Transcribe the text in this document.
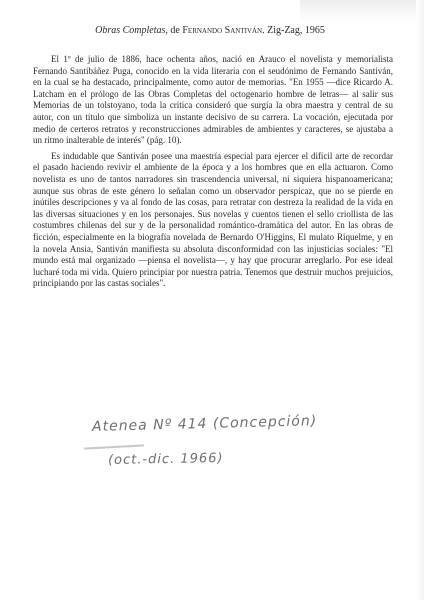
Obras Completas, de Fernando Santiván. Zig-Zag, 1965

El 1º de julio de 1886, hace ochenta años, nació en Arauco el novelista y memorialista Fernando Santibáñez Puga, conocido en la vida literaria con el seudónimo de Fernando Santiván, en la cual se ha destacado, principalmente, como autor de memorias. "En 1955 —dice Ricardo A. Latcham en el prólogo de las Obras Completas del octogenario hombre de letras— al salir sus Memorias de un tolstoyano, toda la crítica consideró que surgía la obra maestra y central de su autor, con un título que simboliza un instante decisivo de su carrera. La vocación, ejecutada por medio de certeros retratos y reconstrucciones admirables de ambientes y caracteres, se ajustaba a un ritmo inalterable de interés" (pág. 10).

Es indudable que Santiván posee una maestría especial para ejercer el difícil arte de recordar el pasado haciendo revivir el ambiente de la época y a los hombres que en ella actuaron. Como novelista es uno de tantos narradores sin trascendencia universal, ni siquiera hispanoamericana; aunque sus obras de este género lo señalan como un observador perspicaz, que no se pierde en inútiles descripciones y va al fondo de las cosas, para retratar con destreza la realidad de la vida en las diversas situaciones y en los personajes. Sus novelas y cuentos tienen el sello criollista de las costumbres chilenas del sur y de la personalidad romántico-dramática del autor. En las obras de ficción, especialmente en la biografía novelada de Bernardo O'Higgins, El mulato Riquelme, y en la novela Ansia, Santiván manifiesta su absoluta disconformidad con las injusticias sociales: "El mundo está mal organizado —piensa el novelista—, y hay que procurar arreglarlo. Por ese ideal lucharé toda mi vida. Quiero principiar por nuestra patria. Tenemos que destruir muchos prejuicios, principiando por las castas sociales".

Atenea Nº 414 (Concepción)
(oct.-dic. 1966)
